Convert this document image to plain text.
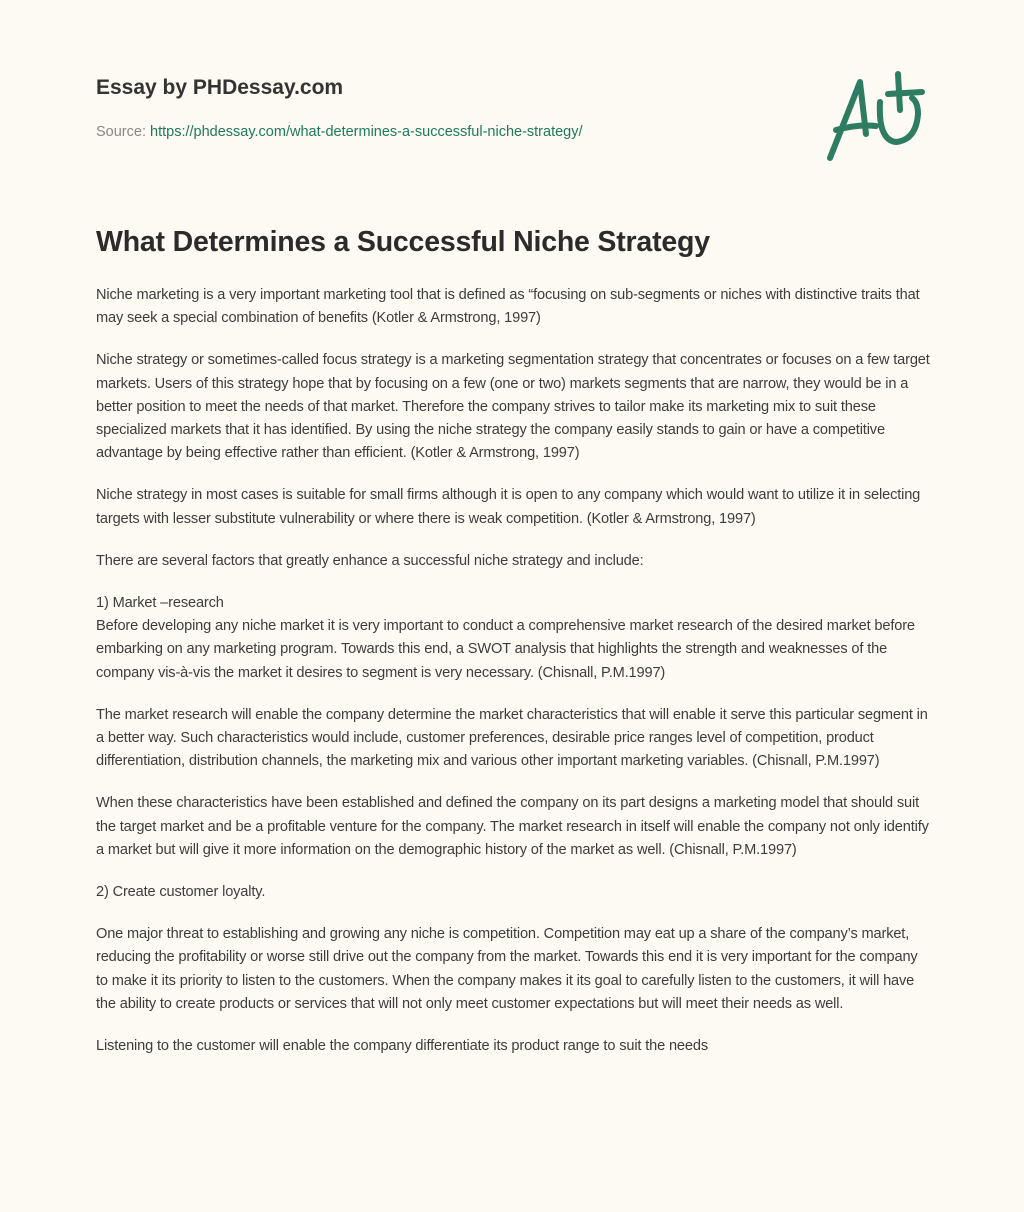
Essay by PHDessay.com
Source: https://phdessay.com/what-determines-a-successful-niche-strategy/
What Determines a Successful Niche Strategy

Niche marketing is a very important marketing tool that is defined as “focusing on sub-segments or niches with distinctive traits that may seek a special combination of benefits (Kotler & Armstrong, 1997)

Niche strategy or sometimes-called focus strategy is a marketing segmentation strategy that concentrates or focuses on a few target markets. Users of this strategy hope that by focusing on a few (one or two) markets segments that are narrow, they would be in a better position to meet the needs of that market. Therefore the company strives to tailor make its marketing mix to suit these specialized markets that it has identified. By using the niche strategy the company easily stands to gain or have a competitive advantage by being effective rather than efficient. (Kotler & Armstrong, 1997)

Niche strategy in most cases is suitable for small firms although it is open to any company which would want to utilize it in selecting targets with lesser substitute vulnerability or where there is weak competition. (Kotler & Armstrong, 1997)

There are several factors that greatly enhance a successful niche strategy and include:

1) Market –research

Before developing any niche market it is very important to conduct a comprehensive market research of the desired market before embarking on any marketing program. Towards this end, a SWOT analysis that highlights the strength and weaknesses of the company vis-à-vis the market it desires to segment is very necessary. (Chisnall, P.M.1997)

The market research will enable the company determine the market characteristics that will enable it serve this particular segment in a better way. Such characteristics would include, customer preferences, desirable price ranges level of competition, product differentiation, distribution channels, the marketing mix and various other important marketing variables. (Chisnall, P.M.1997)

When these characteristics have been established and defined the company on its part designs a marketing model that should suit the target market and be a profitable venture for the company. The market research in itself will enable the company not only identify a market but will give it more information on the demographic history of the market as well. (Chisnall, P.M.1997)

2) Create customer loyalty.

One major threat to establishing and growing any niche is competition. Competition may eat up a share of the company’s market, reducing the profitability or worse still drive out the company from the market. Towards this end it is very important for the company to make it its priority to listen to the customers. When the company makes it its goal to carefully listen to the customers, it will have the ability to create products or services that will not only meet customer expectations but will meet their needs as well.

Listening to the customer will enable the company differentiate its product range to suit the needs
